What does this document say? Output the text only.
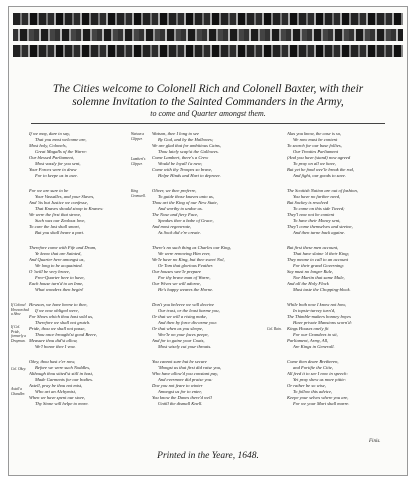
The Cities welcome to Colonell Rich and Colonell Baxter, with their
solemne Invitation to the Sainted Commanders in the Army,
to come and Quarter amongst them.
If we may, dare to say,
That you most welcome are,
Most holy, Colonels,
Great Magalls of the Warre:
Our blessed Parliament,
Most vassly for you sent,
Your Forces were to draw
For to keepe us in awe.
For we are sure to be
Your Vassalles, and your Slaves,
And 'tis but Justice we confesse,
That Knaves should stoop to Knaves:
We were the first that strove,
Such was our Zealous love,
To cure the last shall smart,
But you shall beare a part.
Therefore come with Fife and Drum,
Ye know that are Sainted,
And Quarter here amongst us,
We long to be acquainted.
O 'twill be very brave,
Free-Quarter here to have,
Each house turn'd to an Inne,
What wonders then begin!
Hewson, we have beene to thee,
If we now obliged were,
For Shoes which thou hast sold us,
Therefore we shall not grutch.
Pride, thou we shall not passe,
Thou once brought'st good Beere,
Measure thou did'st allow,
We'l honor thee I vow.
Okey, thou hast e'er now,
Before we were such Noddles,
Although thou sitted'st still in hast,
Made Garments for our bodies.
Axtell, pray be thou not mist,
Who art an Alchymist,
When we have spent our store,
Thy Stone will helpe to more.
Watson, thee I long to see
By God, and by the Hallowes;
We are glad that for ambitious Cains,
Thou lately scap'st the Gallowes.
Come Lambert, there's a Crew
Would be loyall t'a new;
Come with thy Troopes so brave,
Helpe Hinds and Hart to deprave.
Oliver, we thee preferre,
To guide those knaves unto us,
Thou art the King of our New State,
And worthy to undoe us.
The Nose and fiery Face,
Speakes thee a babe of Grace,
And most regenerate,
As Sock did e're create.
There's no such thing as Charles our King,
We were removing Him ever,
We'le have no King, but thee sweet Nol,
Or Tom that glorious Feather.
Our houses wee'le prepare
For thy brave man of Warre,
Our Wives we will adorne,
He's happy weares the Horne.
Don't you beleeve we will deceive
Our trust, or the least harme you,
Or that we will a rising make,
And then by force dis-arme you:
Or that when as you sleepe,
Wee'le on your faces peepe,
And for to gaine your Coats,
Most wisely cut your throats.
You cannot sure but be secure
'Mongst us that first did raise you,
Who have allow'd you constant pay,
And evermore did praise you:
Doe you not feare to winter
Amongst us for to enter,
You know the Danes there'd well
Untill the dismall Knell.
Alas you know, the case is so,
We now must be content
To search for our base follies,
Our Treaties Parliament
(And you have (stand) now agreed
To pray on all we have,
But yet he fond wee'le break the rod,
And fight, our goods to save.
The Scottish Nation are out of fashion,
You have no farther need,
But Sockey is resolved
To come on this side Tweed;
They'l now not be content
To have their Money sent,
They'l come themselves and streine,
And then turne back againe.
But first these men account,
That have slaine 'd their King;
They meane to call to an account
For their grand Governing:
Say must no longer Rule,
Nor Martin that same Mule,
And all the Holy Flock
Must taste the Chopping-block.
While both now I know not how,
In topsie-turvey turn'd,
The Thimble-makers bonney boyes
Have private Mansions scorn'd:
Kings Houses onely fit
For our Grandees to sit,
Parliament, Army, All,
Are Kings in Generall.
Come then deare Bretheren,
and Fortifie the Citie,
All feed it to see I now in speech:
Yet pray shew us more pittie:
Or rather be so wise,
To follow this advice,
Keepe your selves where you are,
For we your Mart shall marre.
Watson a Clipper.
Lambert's Clipper.
King Cromwell.
If Colonel Hewson had a Shoe
If Col. Pride, formerly a Drayman.
Col. Okey.
Axtell a Chandler.
Col. Rain.
Finis.
Printed in the Yeare, 1648.
